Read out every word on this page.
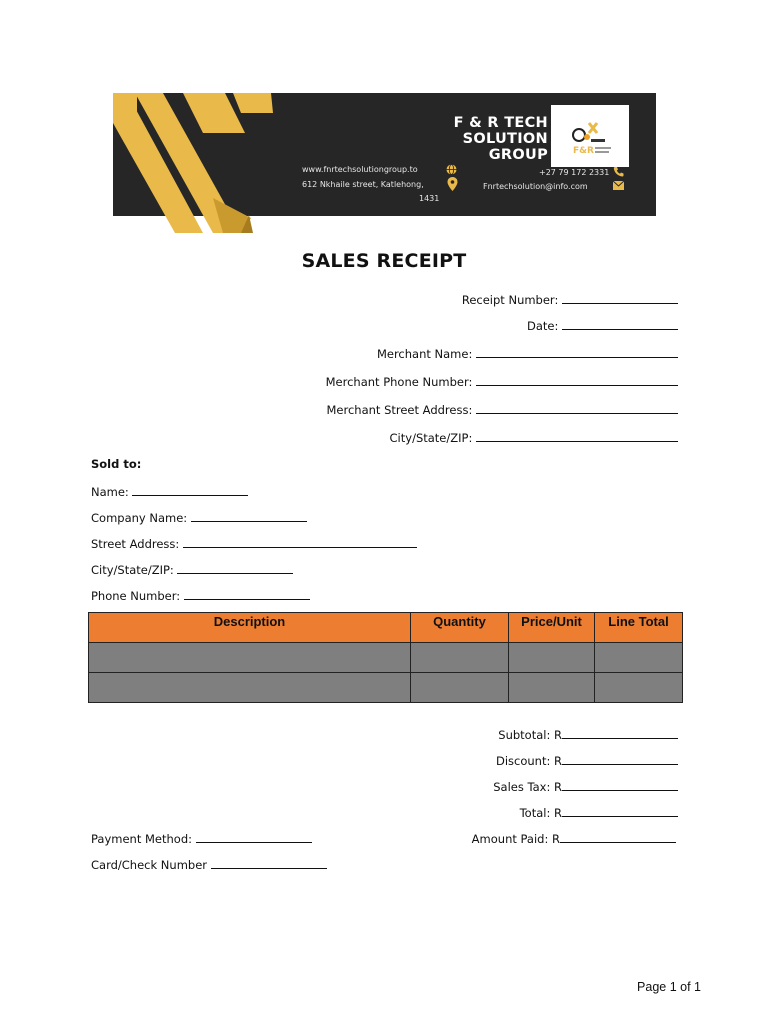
F & R TECH
SOLUTION
GROUP	F&R
www.fnrtechsolutiongroup.to
612 Nkhaile street, Katlehong,
1431
+27 79 172 2331
Fnrtechsolution@info.com
SALES RECEIPT
Receipt Number:
Date:
Merchant Name:
Merchant Phone Number:
Merchant Street Address:
City/State/ZIP:
Sold to:
Name:
Company Name:
Street Address:
City/State/ZIP:
Phone Number:
Description	Quantity	Price/Unit	Line Total

Subtotal: R
Discount: R
Sales Tax: R
Total: R
Amount Paid: R
Payment Method:
Card/Check Number
Page 1 of 1
